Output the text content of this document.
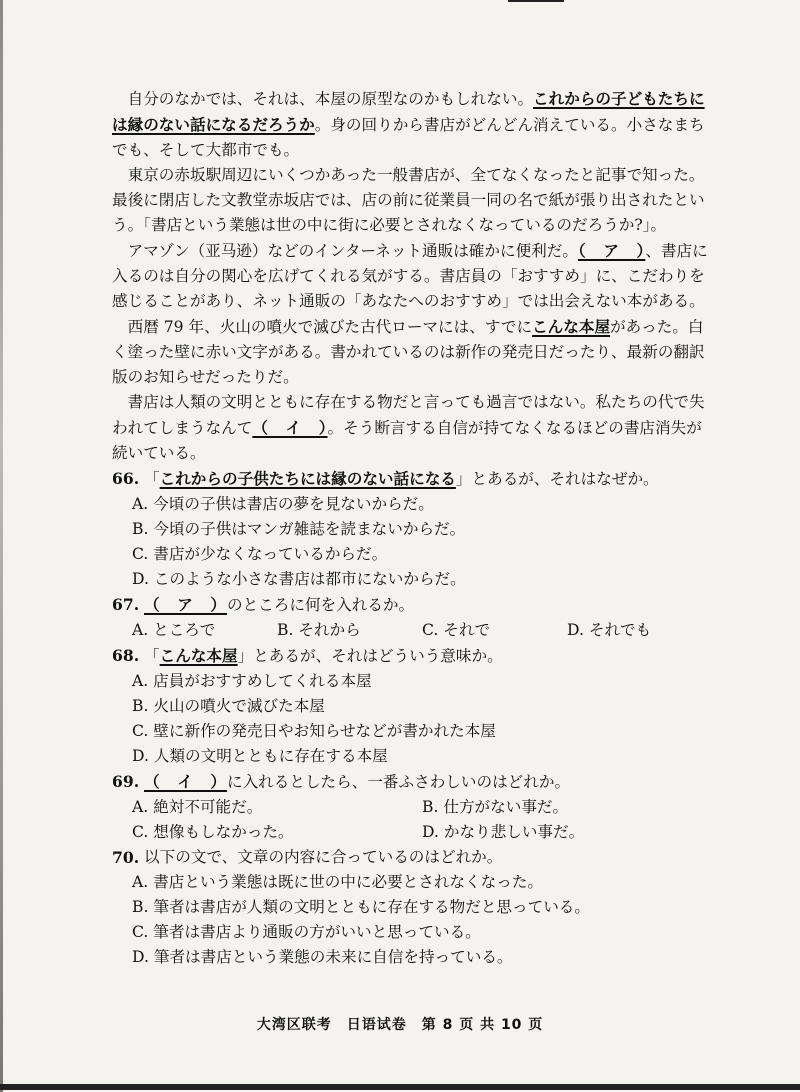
自分のなかでは、それは、本屋の原型なのかもしれない。これからの子どもたちには縁のない話になるだろうか。身の回りから書店がどんどん消えている。小さなまちでも、そして大都市でも。

東京の赤坂駅周辺にいくつかあった一般書店が、全てなくなったと記事で知った。最後に閉店した文教堂赤坂店では、店の前に従業員一同の名で紙が張り出されたという。「書店という業態は世の中に街に必要とされなくなっているのだろうか?」。

アマゾン（亚马逊）などのインターネット通販は確かに便利だ。（　ア　）、書店に入るのは自分の関心を広げてくれる気がする。書店員の「おすすめ」に、こだわりを感じることがあり、ネット通販の「あなたへのおすすめ」では出会えない本がある。

西暦 79 年、火山の噴火で滅びた古代ローマには、すでにこんな本屋があった。白く塗った壁に赤い文字がある。書かれているのは新作の発売日だったり、最新の翻訳版のお知らせだったりだ。

書店は人類の文明とともに存在する物だと言っても過言ではない。私たちの代で失われてしまうなんて（　イ　）。そう断言する自信が持てなくなるほどの書店消失が続いている。

66. 「これからの子供たちには縁のない話になる」とあるが、それはなぜか。

A. 今頃の子供は書店の夢を見ないからだ。

B. 今頃の子供はマンガ雑誌を読まないからだ。

C. 書店が少なくなっているからだ。

D. このような小さな書店は都市にないからだ。

67. （　ア　）のところに何を入れるか。
A. ところで	B. それから	C. それで	D. それでも
68. 「こんな本屋」とあるが、それはどういう意味か。

A. 店員がおすすめしてくれる本屋

B. 火山の噴火で滅びた本屋

C. 壁に新作の発売日やお知らせなどが書かれた本屋

D. 人類の文明とともに存在する本屋

69. （　イ　）に入れるとしたら、一番ふさわしいのはどれか。
A. 絶対不可能だ。	B. 仕方がない事だ。
C. 想像もしなかった。	D. かなり悲しい事だ。
70. 以下の文で、文章の内容に合っているのはどれか。

A. 書店という業態は既に世の中に必要とされなくなった。

B. 筆者は書店が人類の文明とともに存在する物だと思っている。

C. 筆者は書店より通販の方がいいと思っている。

D. 筆者は書店という業態の未来に自信を持っている。

大湾区联考　日语试卷　第 8 页 共 10 页
